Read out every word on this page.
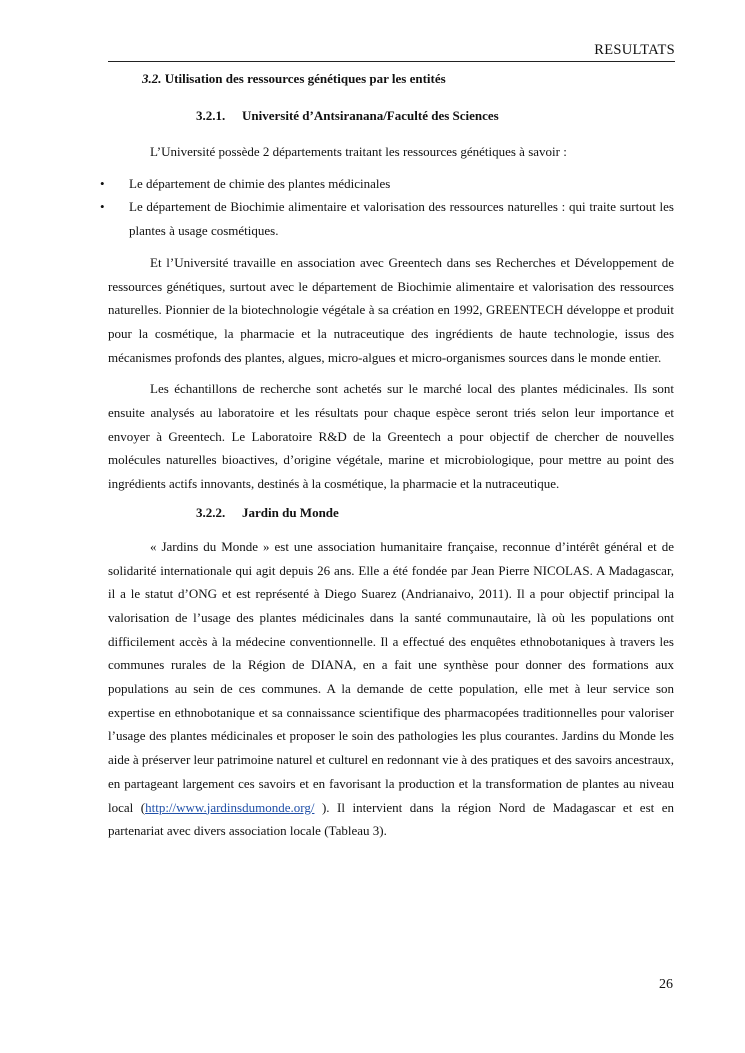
RESULTATS
3.2. Utilisation des ressources génétiques par les entités
3.2.1. Université d’Antsiranana/Faculté des Sciences

L’Université possède 2 départements traitant les ressources génétiques à savoir :

• Le département de chimie des plantes médicinales
• Le département de Biochimie alimentaire et valorisation des ressources naturelles : qui traite surtout les plantes à usage cosmétiques.

Et l’Université travaille en association avec Greentech dans ses Recherches et Développement de ressources génétiques, surtout avec le département de Biochimie alimentaire et valorisation des ressources naturelles. Pionnier de la biotechnologie végétale à sa création en 1992, GREENTECH développe et produit pour la cosmétique, la pharmacie et la nutraceutique des ingrédients de haute technologie, issus des mécanismes profonds des plantes, algues, micro-algues et micro-organismes sources dans le monde entier.

Les échantillons de recherche sont achetés sur le marché local des plantes médicinales. Ils sont ensuite analysés au laboratoire et les résultats pour chaque espèce seront triés selon leur importance et envoyer à Greentech. Le Laboratoire R&D de la Greentech a pour objectif de chercher de nouvelles molécules naturelles bioactives, d’origine végétale, marine et microbiologique, pour mettre au point des ingrédients actifs innovants, destinés à la cosmétique, la pharmacie et la nutraceutique.

3.2.2. Jardin du Monde

« Jardins du Monde » est une association humanitaire française, reconnue d’intérêt général et de solidarité internationale qui agit depuis 26 ans. Elle a été fondée par Jean Pierre NICOLAS. A Madagascar, il a le statut d’ONG et est représenté à Diego Suarez (Andrianaivo, 2011). Il a pour objectif principal la valorisation de l’usage des plantes médicinales dans la santé communautaire, là où les populations ont difficilement accès à la médecine conventionnelle. Il a effectué des enquêtes ethnobotaniques à travers les communes rurales de la Région de DIANA, en a fait une synthèse pour donner des formations aux populations au sein de ces communes. A la demande de cette population, elle met à leur service son expertise en ethnobotanique et sa connaissance scientifique des pharmacopées traditionnelles pour valoriser l’usage des plantes médicinales et proposer le soin des pathologies les plus courantes. Jardins du Monde les aide à préserver leur patrimoine naturel et culturel en redonnant vie à des pratiques et des savoirs ancestraux, en partageant largement ces savoirs et en favorisant la production et la transformation de plantes au niveau local (http://www.jardinsdumonde.org/ ). Il intervient dans la région Nord de Madagascar et est en partenariat avec divers association locale (Tableau 3).

26
